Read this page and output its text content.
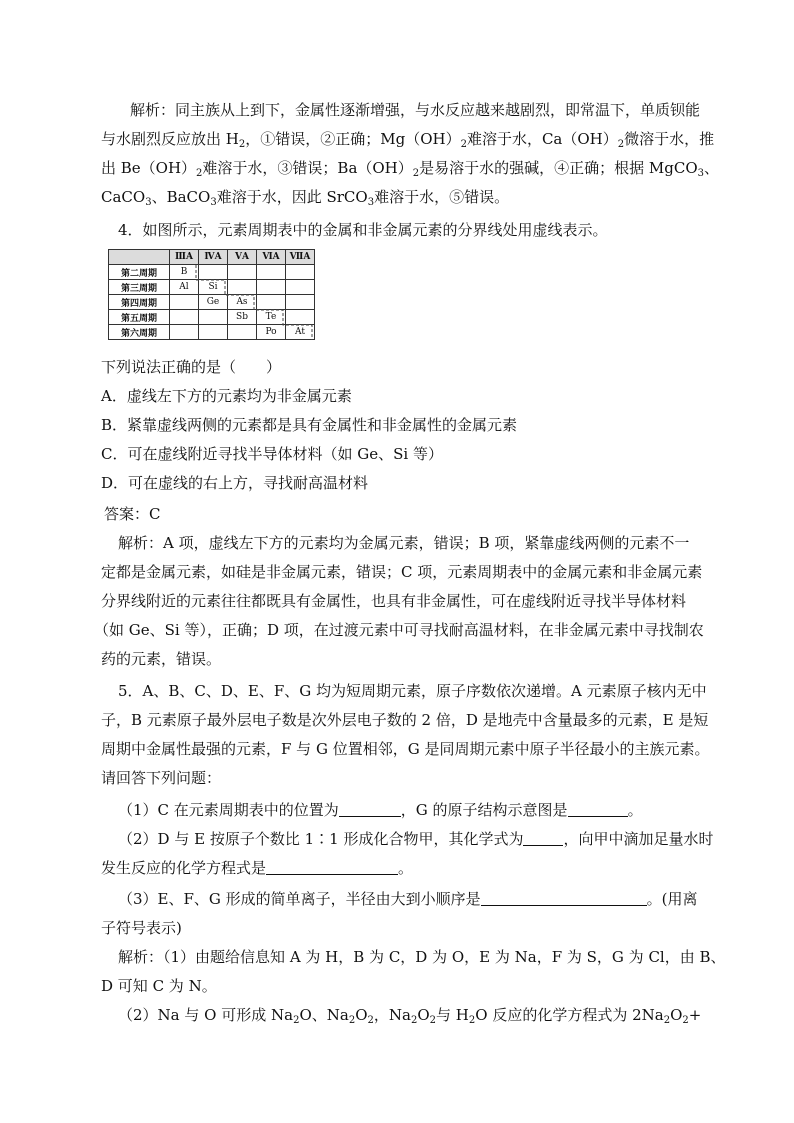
解析：同主族从上到下，金属性逐渐增强，与水反应越来越剧烈，即常温下，单质钡能
与水剧烈反应放出 $H_2$，①错误，②正确；$Mg(OH)_2$难溶于水，$Ca(OH)_2$微溶于水，推
出 $Be(OH)_2$难溶于水，③错误；$Ba(OH)_2$是易溶于水的强碱，④正确；根据 MgCO$_3$、
CaCO$_3$、BaCO$_3$难溶于水，因此 SrCO$_3$难溶于水，⑤错误。
4．如图所示，元素周期表中的金属和非金属元素的分界线处用虚线表示。
	ⅢA	ⅣA	ⅤA	ⅥA	ⅦA
第二周期	B				
第三周期	Al	Si			
第四周期		Ge	As		
第五周期			Sb	Te	
第六周期				Po	At
下列说法正确的是（　　）
A．虚线左下方的元素均为非金属元素
B．紧靠虚线两侧的元素都是具有金属性和非金属性的金属元素
C．可在虚线附近寻找半导体材料（如 Ge、Si 等）
D．可在虚线的右上方，寻找耐高温材料
答案：C
解析：A 项，虚线左下方的元素均为金属元素，错误；B 项，紧靠虚线两侧的元素不一
定都是金属元素，如硅是非金属元素，错误；C 项，元素周期表中的金属元素和非金属元素
分界线附近的元素往往都既具有金属性，也具有非金属性，可在虚线附近寻找半导体材料
（如 Ge、Si 等），正确；D 项，在过渡元素中可寻找耐高温材料，在非金属元素中寻找制农
药的元素，错误。
5．A、B、C、D、E、F、G 均为短周期元素，原子序数依次递增。A 元素原子核内无中
子，B 元素原子最外层电子数是次外层电子数的 2 倍，D 是地壳中含量最多的元素，E 是短
周期中金属性最强的元素，F 与 G 位置相邻，G 是同周期元素中原子半径最小的主族元素。
请回答下列问题：
（1）C 在元素周期表中的位置为	，G 的原子结构示意图是	。
（2）D 与 E 按原子个数比 1∶1 形成化合物甲，其化学式为	，向甲中滴加足量水时
发生反应的化学方程式是	。
（3）E、F、G 形成的简单离子，半径由大到小顺序是	。(用离
子符号表示)
解析：（1）由题给信息知 A 为 H，B 为 C，D 为 O，E 为 Na，F 为 S，G 为 Cl，由 B、
D 可知 C 为 N。
（2）Na 与 O 可形成 $Na_2O$、$Na_2O_2$，$Na_2O_2$与 $H_2O$ 反应的化学方程式为 $2Na_2O_2+$
